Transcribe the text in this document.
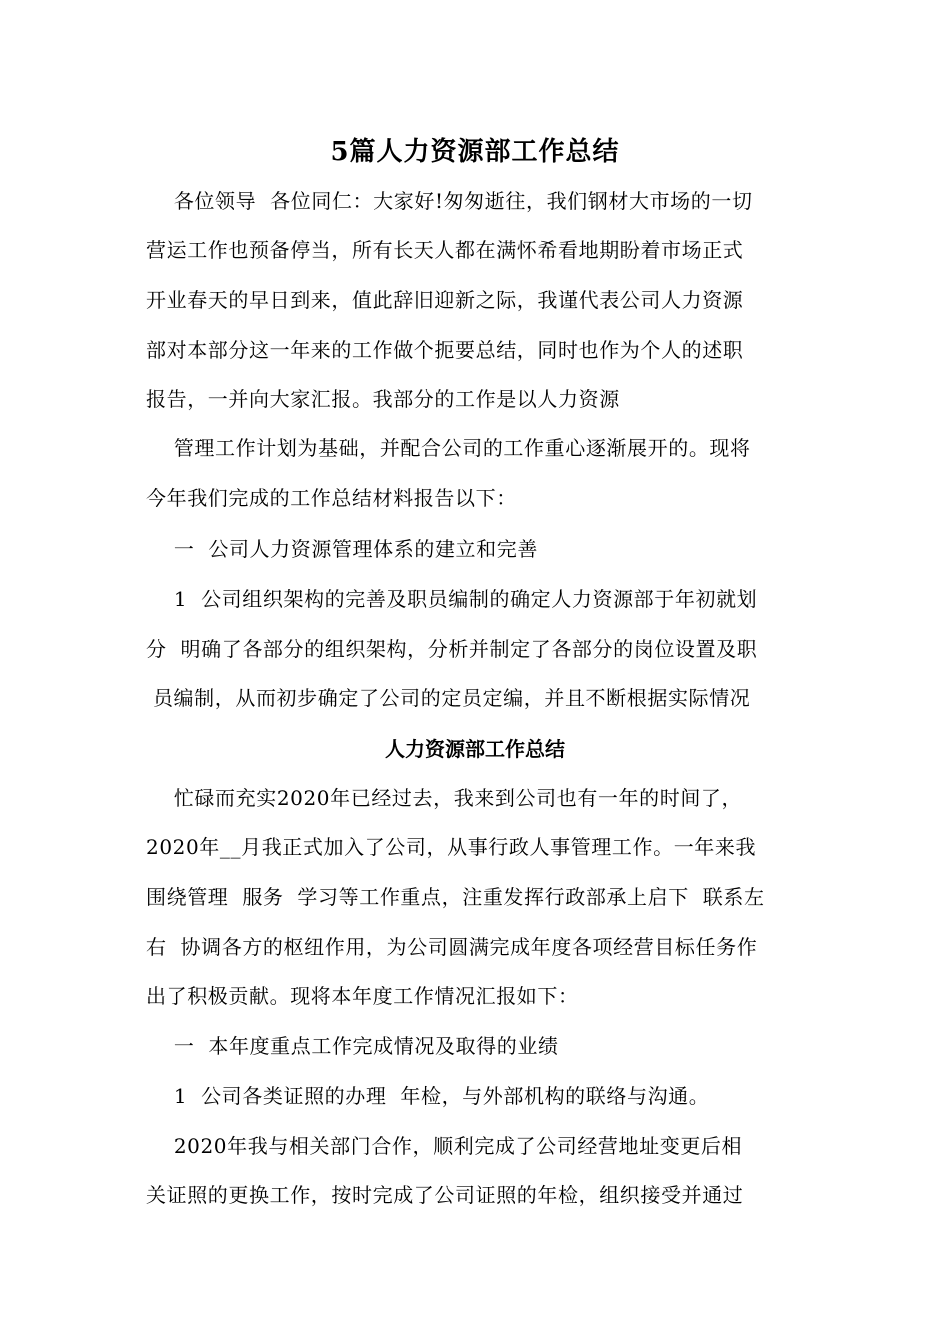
5篇人力资源部工作总结
各位领导  各位同仁：大家好!匆匆逝往，我们钢材大市场的一切
营运工作也预备停当，所有长天人都在满怀希看地期盼着市场正式
开业春天的早日到来，值此辞旧迎新之际，我谨代表公司人力资源
部对本部分这一年来的工作做个扼要总结，同时也作为个人的述职
报告，一并向大家汇报。我部分的工作是以人力资源
管理工作计划为基础，并配合公司的工作重心逐渐展开的。现将
今年我们完成的工作总结材料报告以下：
一  公司人力资源管理体系的建立和完善
1  公司组织架构的完善及职员编制的确定人力资源部于年初就划
分  明确了各部分的组织架构，分析并制定了各部分的岗位设置及职
员编制，从而初步确定了公司的定员定编，并且不断根据实际情况
人力资源部工作总结
忙碌而充实2020年已经过去，我来到公司也有一年的时间了，
2020年__月我正式加入了公司，从事行政人事管理工作。一年来我
围绕管理  服务  学习等工作重点，注重发挥行政部承上启下  联系左
右  协调各方的枢纽作用，为公司圆满完成年度各项经营目标任务作
出了积极贡献。现将本年度工作情况汇报如下：
一  本年度重点工作完成情况及取得的业绩
1  公司各类证照的办理  年检，与外部机构的联络与沟通。
2020年我与相关部门合作，顺利完成了公司经营地址变更后相
关证照的更换工作，按时完成了公司证照的年检，组织接受并通过
